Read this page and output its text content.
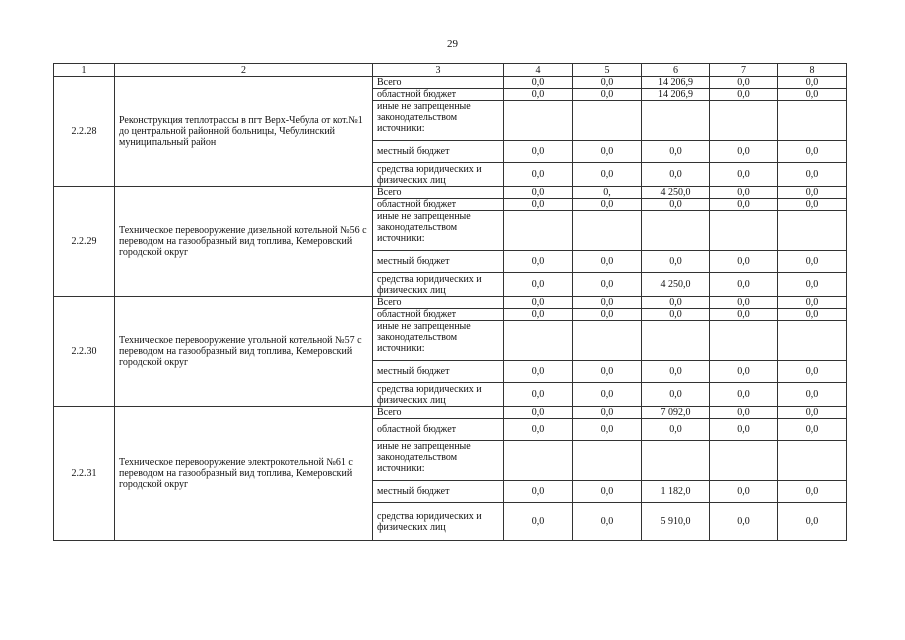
29
1	2	3	4	5	6	7	8
2.2.28	Реконструкция теплотрассы в пгт Верх-Чебула от кот.№1 до центральной районной больницы, Чебулинский муниципальный район	Всего	0,0	0,0	14 206,9	0,0	0,0
		областной бюджет	0,0	0,0	14 206,9	0,0	0,0
		иные не запрещенные законодательством источники:					
		местный бюджет	0,0	0,0	0,0	0,0	0,0
		средства юридических и физических лиц	0,0	0,0	0,0	0,0	0,0
2.2.29	Техническое перевооружение дизельной котельной №56 с переводом на газообразный вид топлива, Кемеровский городской округ	Всего	0,0	0,	4 250,0	0,0	0,0
		областной бюджет	0,0	0,0	0,0	0,0	0,0
		иные не запрещенные законодательством источники:					
		местный бюджет	0,0	0,0	0,0	0,0	0,0
		средства юридических и физических лиц	0,0	0,0	4 250,0	0,0	0,0
2.2.30	Техническое перевооружение угольной котельной №57 с переводом на газообразный вид топлива, Кемеровский городской округ	Всего	0,0	0,0	0,0	0,0	0,0
		областной бюджет	0,0	0,0	0,0	0,0	0,0
		иные не запрещенные законодательством источники:					
		местный бюджет	0,0	0,0	0,0	0,0	0,0
		средства юридических и физических лиц	0,0	0,0	0,0	0,0	0,0
2.2.31	Техническое перевооружение электрокотельной №61 с переводом на газообразный вид топлива, Кемеровский городской округ	Всего	0,0	0,0	7 092,0	0,0	0,0
		областной бюджет	0,0	0,0	0,0	0,0	0,0
		иные не запрещенные законодательством источники:					
		местный бюджет	0,0	0,0	1 182,0	0,0	0,0
		средства юридических и физических лиц	0,0	0,0	5 910,0	0,0	0,0
